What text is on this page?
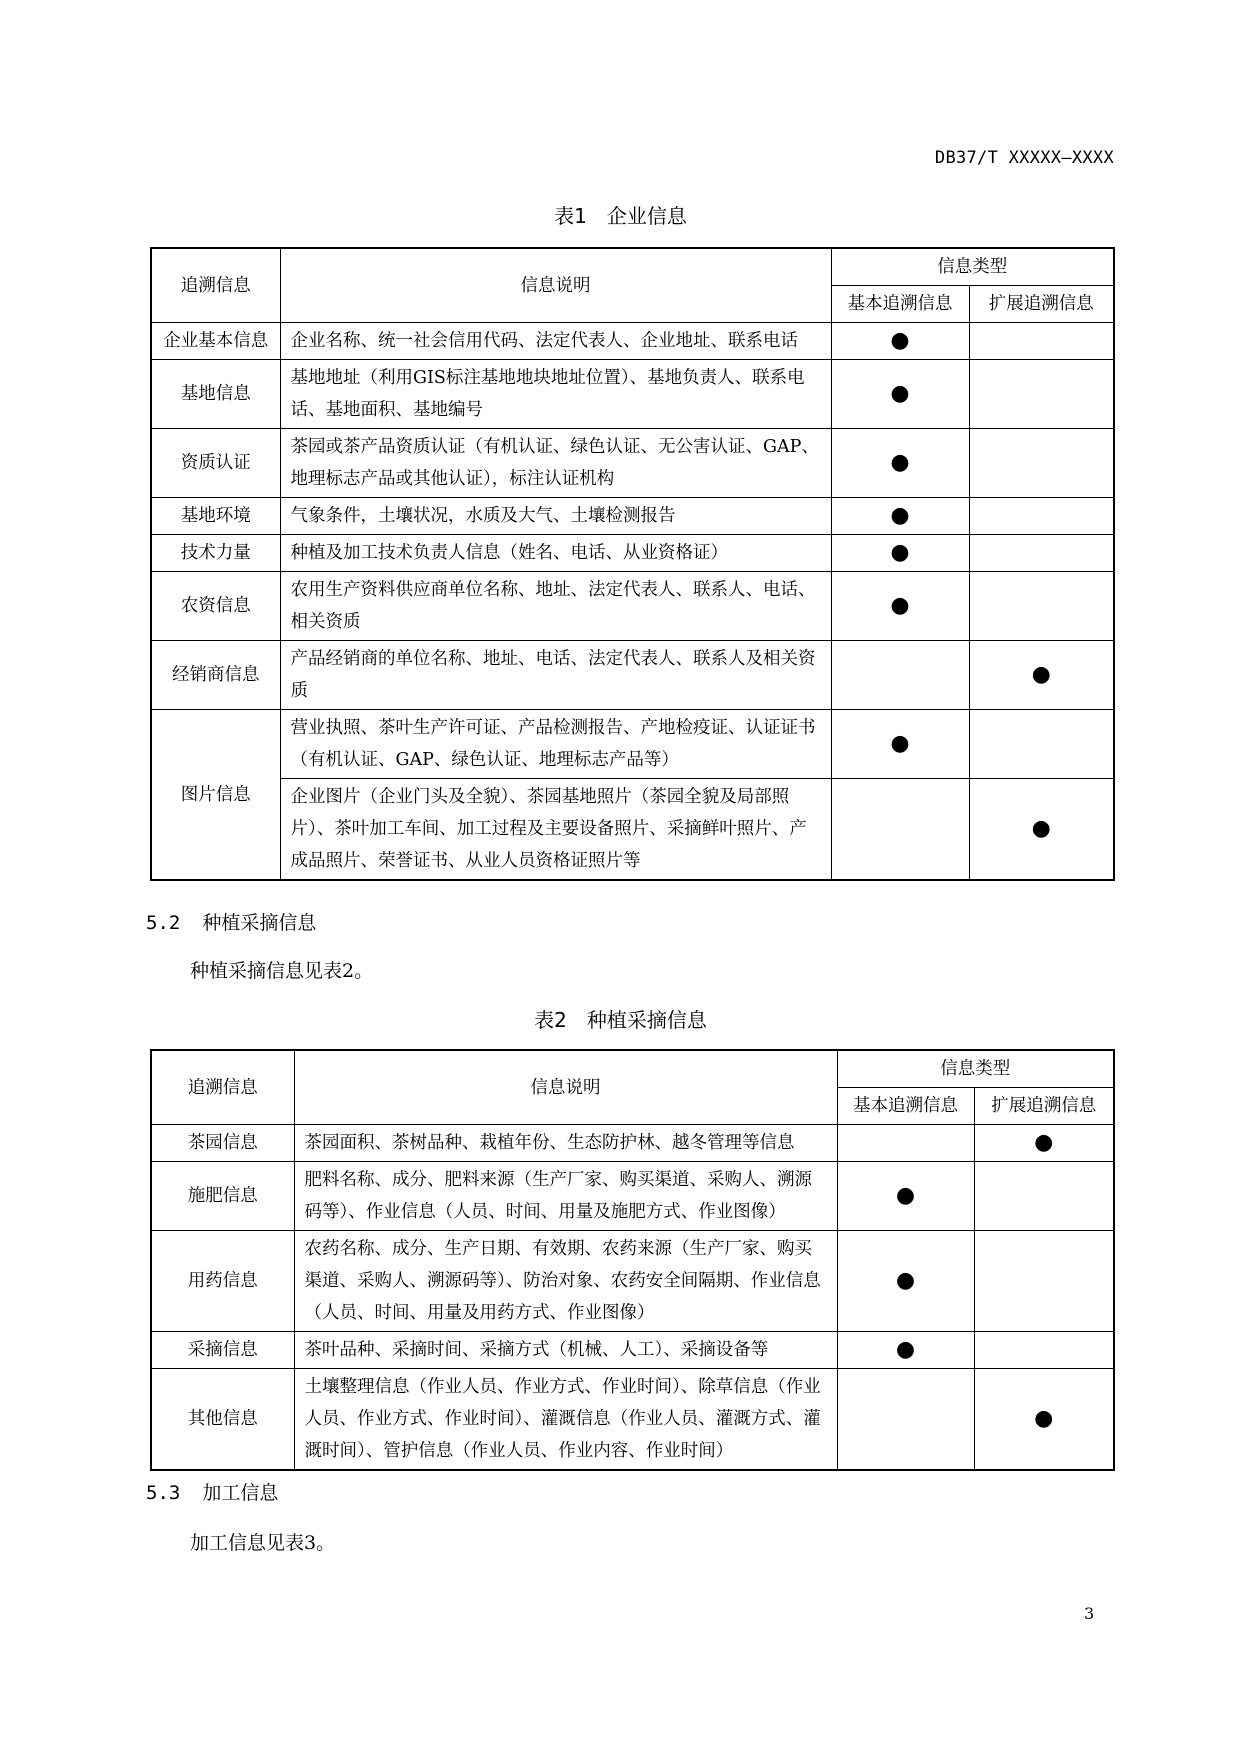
DB37/T XXXXX—XXXX
表1　企业信息
追溯信息	信息说明	信息类型	
		基本追溯信息	扩展追溯信息
企业基本信息	企业名称、统一社会信用代码、法定代表人、企业地址、联系电话	●	
基地信息	基地地址（利用GIS标注基地地块地址位置）、基地负责人、联系电话、基地面积、基地编号	●	
资质认证	茶园或茶产品资质认证（有机认证、绿色认证、无公害认证、GAP、地理标志产品或其他认证），标注认证机构	●	
基地环境	气象条件，土壤状况，水质及大气、土壤检测报告	●	
技术力量	种植及加工技术负责人信息（姓名、电话、从业资格证）	●	
农资信息	农用生产资料供应商单位名称、地址、法定代表人、联系人、电话、相关资质	●	
经销商信息	产品经销商的单位名称、地址、电话、法定代表人、联系人及相关资质		●
图片信息	营业执照、茶叶生产许可证、产品检测报告、产地检疫证、认证证书（有机认证、GAP、绿色认证、地理标志产品等）	●	
	企业图片（企业门头及全貌）、茶园基地照片（茶园全貌及局部照片）、茶叶加工车间、加工过程及主要设备照片、采摘鲜叶照片、产成品照片、荣誉证书、从业人员资格证照片等		●
5.2 种植采摘信息
种植采摘信息见表2。
表2　种植采摘信息
追溯信息	信息说明	信息类型	
		基本追溯信息	扩展追溯信息
茶园信息	茶园面积、茶树品种、栽植年份、生态防护林、越冬管理等信息		●
施肥信息	肥料名称、成分、肥料来源（生产厂家、购买渠道、采购人、溯源码等）、作业信息（人员、时间、用量及施肥方式、作业图像）	●	
用药信息	农药名称、成分、生产日期、有效期、农药来源（生产厂家、购买渠道、采购人、溯源码等）、防治对象、农药安全间隔期、作业信息（人员、时间、用量及用药方式、作业图像）	●	
采摘信息	茶叶品种、采摘时间、采摘方式（机械、人工）、采摘设备等	●	
其他信息	土壤整理信息（作业人员、作业方式、作业时间）、除草信息（作业人员、作业方式、作业时间）、灌溉信息（作业人员、灌溉方式、灌溉时间）、管护信息（作业人员、作业内容、作业时间）		●
5.3 加工信息
加工信息见表3。
3
